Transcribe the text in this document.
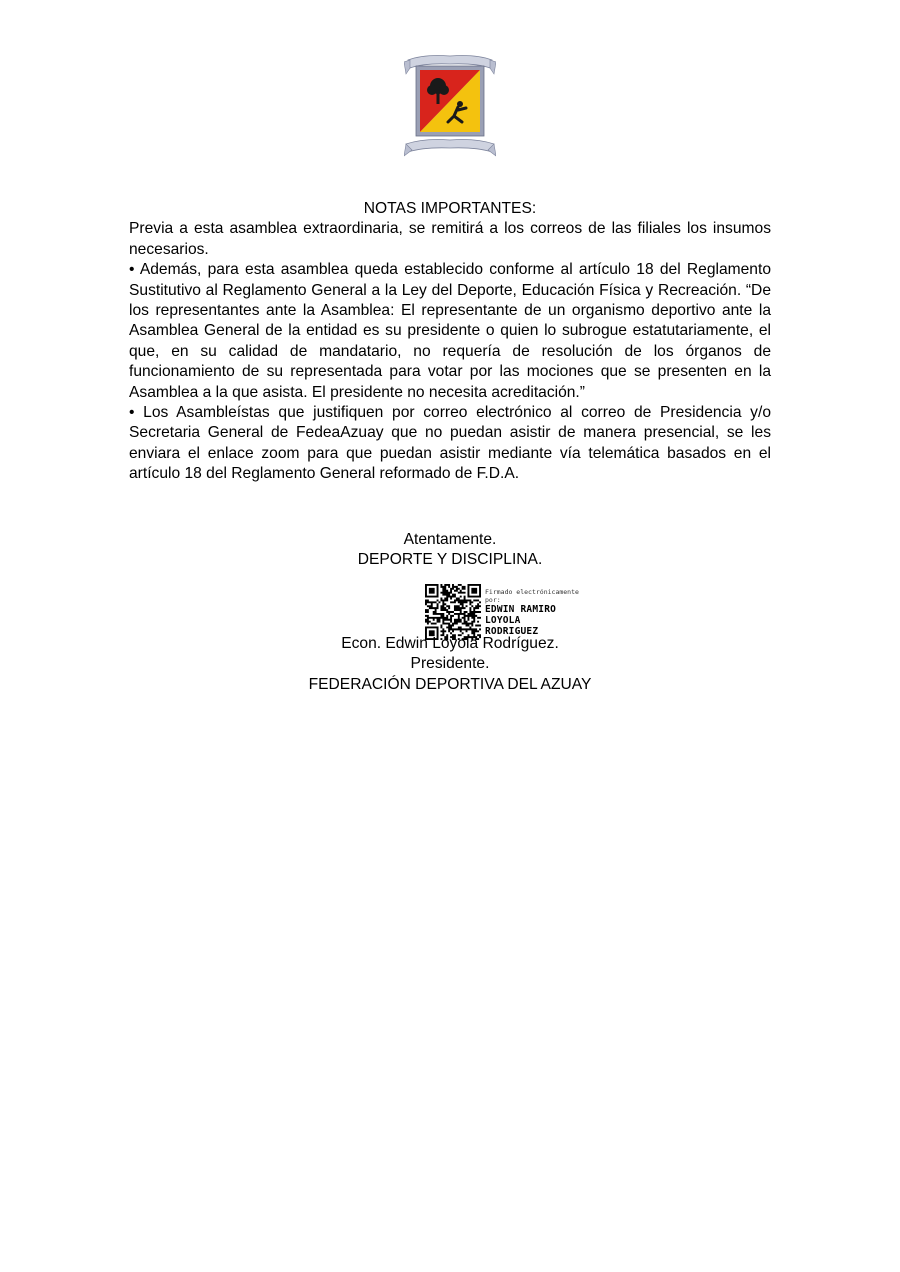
NOTAS IMPORTANTES:
Previa a esta asamblea extraordinaria, se remitirá a los correos de las filiales los insumos necesarios.
• Además, para esta asamblea queda establecido conforme al artículo 18 del Reglamento Sustitutivo al Reglamento General a la Ley del Deporte, Educación Física y Recreación. “De los representantes ante la Asamblea: El representante de un organismo deportivo ante la Asamblea General de la entidad es su presidente o quien lo subrogue estatutariamente, el que, en su calidad de mandatario, no requería de resolución de los órganos de funcionamiento de su representada para votar por las mociones que se presenten en la Asamblea a la que asista. El presidente no necesita acreditación.”
• Los Asambleístas que justifiquen por correo electrónico al correo de Presidencia y/o Secretaria General de FedeaAzuay que no puedan asistir de manera presencial, se les enviara el enlace zoom para que puedan asistir mediante vía telemática basados en el artículo 18 del Reglamento General reformado de F.D.A.
Atentamente.
DEPORTE Y DISCIPLINA.
Firmado electrónicamente por:
EDWIN RAMIRO
LOYOLA
RODRIGUEZ
Econ. Edwin Loyola Rodríguez.
Presidente.
FEDERACIÓN DEPORTIVA DEL AZUAY
